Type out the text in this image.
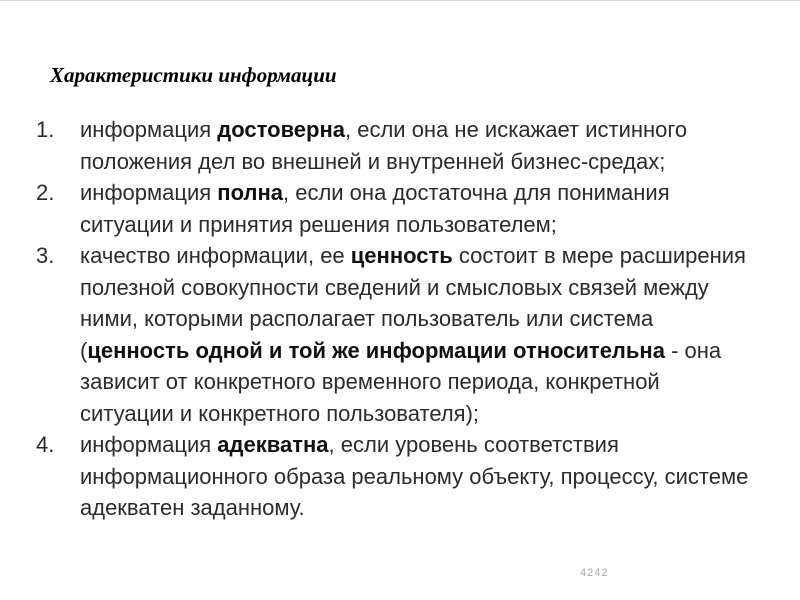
Характеристики информации
1. информация достоверна, если она не искажает истинного положения дел во внешней и внутренней бизнес-средах;
2. информация полна, если она достаточна для понимания ситуации и принятия решения пользователем;
3. качество информации, ее ценность состоит в мере расширения полезной совокупности сведений и смысловых связей между ними, которыми располагает пользователь или система (ценность одной и той же информации относительна - она зависит от конкретного временного периода, конкретной ситуации и конкретного пользователя);
4. информация адекватна, если уровень соответствия информационного образа реальному объекту, процессу, системе адекватен заданному.
4242
